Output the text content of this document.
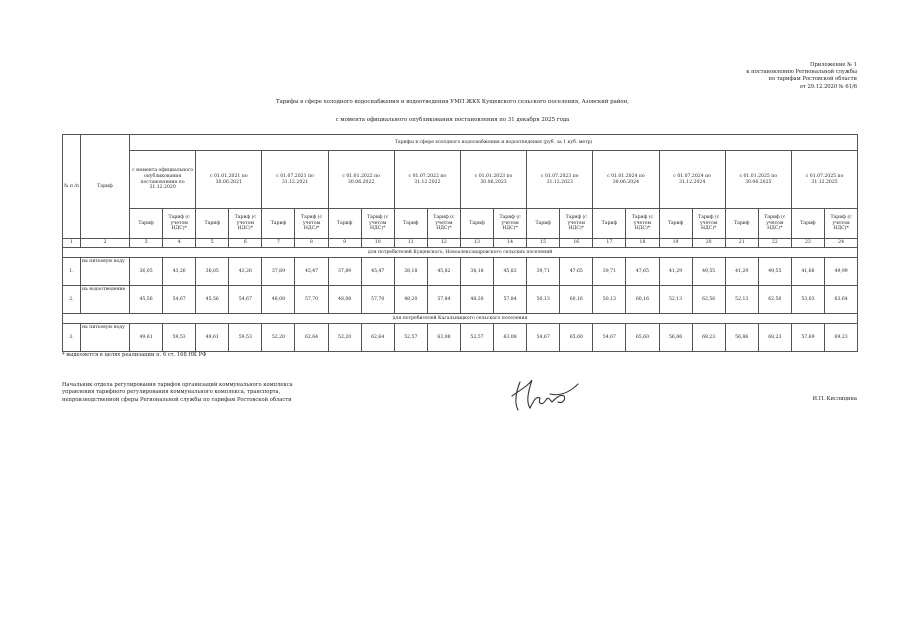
Приложение № 1
к постановлению Региональной службы
по тарифам Ростовской области
от 29.12.2020 № 61/6
Тарифы в сфере холодного водоснабжения и водоотведения УМП ЖКХ Кущевского сельского поселения, Азовский район,
с момента официального опубликования постановления по 31 декабря 2025 года
№ п /п	Тариф	Тарифы в сфере холодного водоснабжения и водоотведения (руб. за 1 куб. метр)																					
		с момента официального опубликования постановления по 31.12.2020		с 01.01.2021 по 30.06.2021		с 01.07.2021 по 31.12.2021		с 01.01.2022 по 30.06.2022		с 01.07.2022 по 31.12.2022		с 01.01.2023 по 30.06.2023		с 01.07.2023 по 31.12.2023		с 01.01.2024 по 30.06.2024		с 01.07.2024 по 31.12.2024		с 01.01.2025 по 30.06.2025		с 01.07.2025 по 31.12.2025	
		Тариф	Тариф (с учетом НДС)*	Тариф	Тариф (с учетом НДС)*	Тариф	Тариф (с учетом НДС)*	Тариф	Тариф (с учетом НДС)*	Тариф	Тариф (с учетом НДС)*	Тариф	Тариф (с учетом НДС)*	Тариф	Тариф (с учетом НДС)*	Тариф	Тариф (с учетом НДС)*	Тариф	Тариф (с учетом НДС)*	Тариф	Тариф (с учетом НДС)*	Тариф	Тариф (с учетом НДС)*
1	2	3	4	5	6	7	8	9	10	11	12	13	14	15	16	17	18	19	20	21	22	23	24
для потребителей Кущевского, Новоалександровского сельских поселений																							
1.	на питьевую воду	36,05	43,26	36,05	43,26	37,89	45,47	37,89	45,47	38,18	45,82	38,18	45,82	39,71	47,65	39,71	47,65	41,29	49,55	41,29	49,55	41,66	49,99
2.	на водоотведение	45,56	54,67	45,56	54,67	48,08	57,70	48,08	57,70	48,20	57,84	48,20	57,84	50,13	60,16	50,13	60,16	52,13	62,56	52,13	62,56	53,03	63,64
для потребителей Кагальницкого сельского поселения																							
3.	на питьевую воду	49,61	59,53	49,61	59,53	52,20	62,64	52,20	62,64	52,57	63,08	52,57	63,08	54,67	65,60	54,67	65,60	56,86	68,23	56,86	68,23	57,69	69,23
* выделяется в целях реализации п. 6 ст. 168 НК РФ
Начальник отдела регулирования тарифов организаций коммунального комплекса
управления тарифного регулирования коммунального комплекса, транспорта,
непроизводственной сферы Региональной службы по тарифам Ростовской области	И.П. Кислицина
